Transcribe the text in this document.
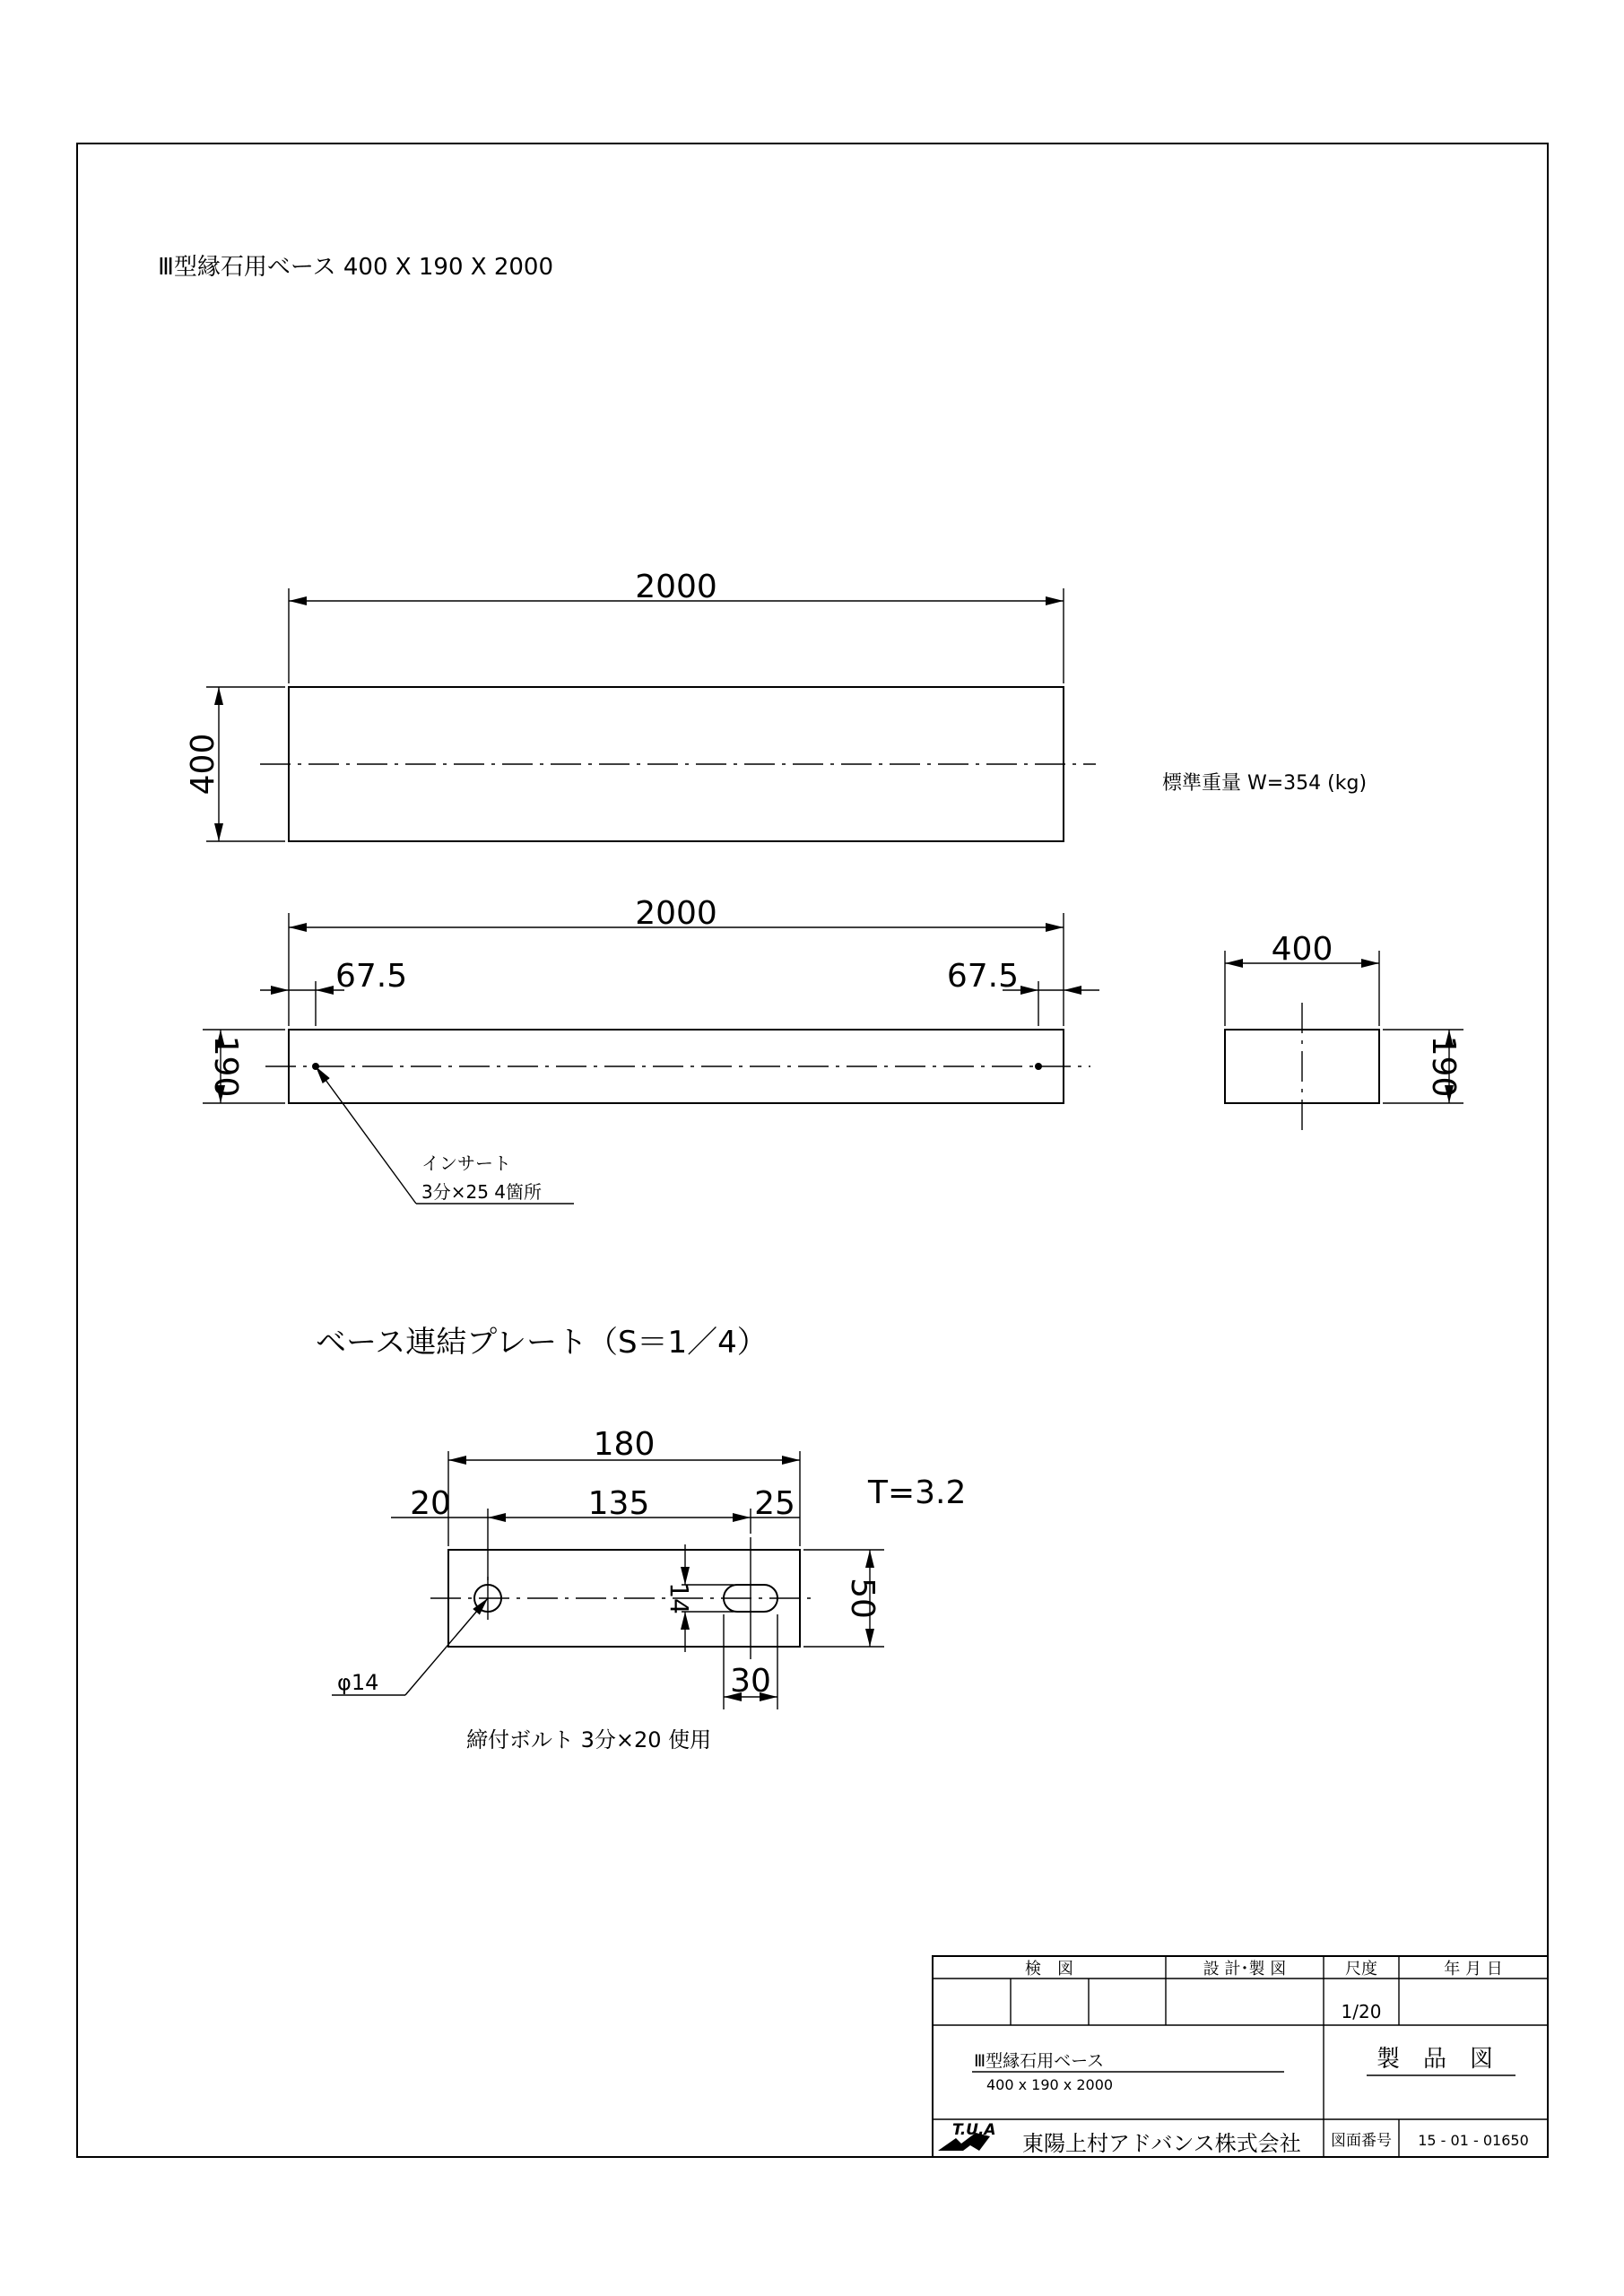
Ⅲ型縁石用ベース 400 X 190 X 2000
2000
400	標準重量 W=354 (kg)
2000
67.5	67.5
190
インサート
3分×25 4箇所
400
190
ベース連結プレート（S＝1／4）
180
20	135	25 T=3.2
14	50
30
φ14
締付ボルト 3分×20 使用
検　図	設 計･製 図	尺度	年 月 日
1/20
Ⅲ型縁石用ベース
400 x 190 x 2000
製　品　図
T.U.A
東陽上村アドバンス株式会社 図面番号 15 - 01 - 01650
